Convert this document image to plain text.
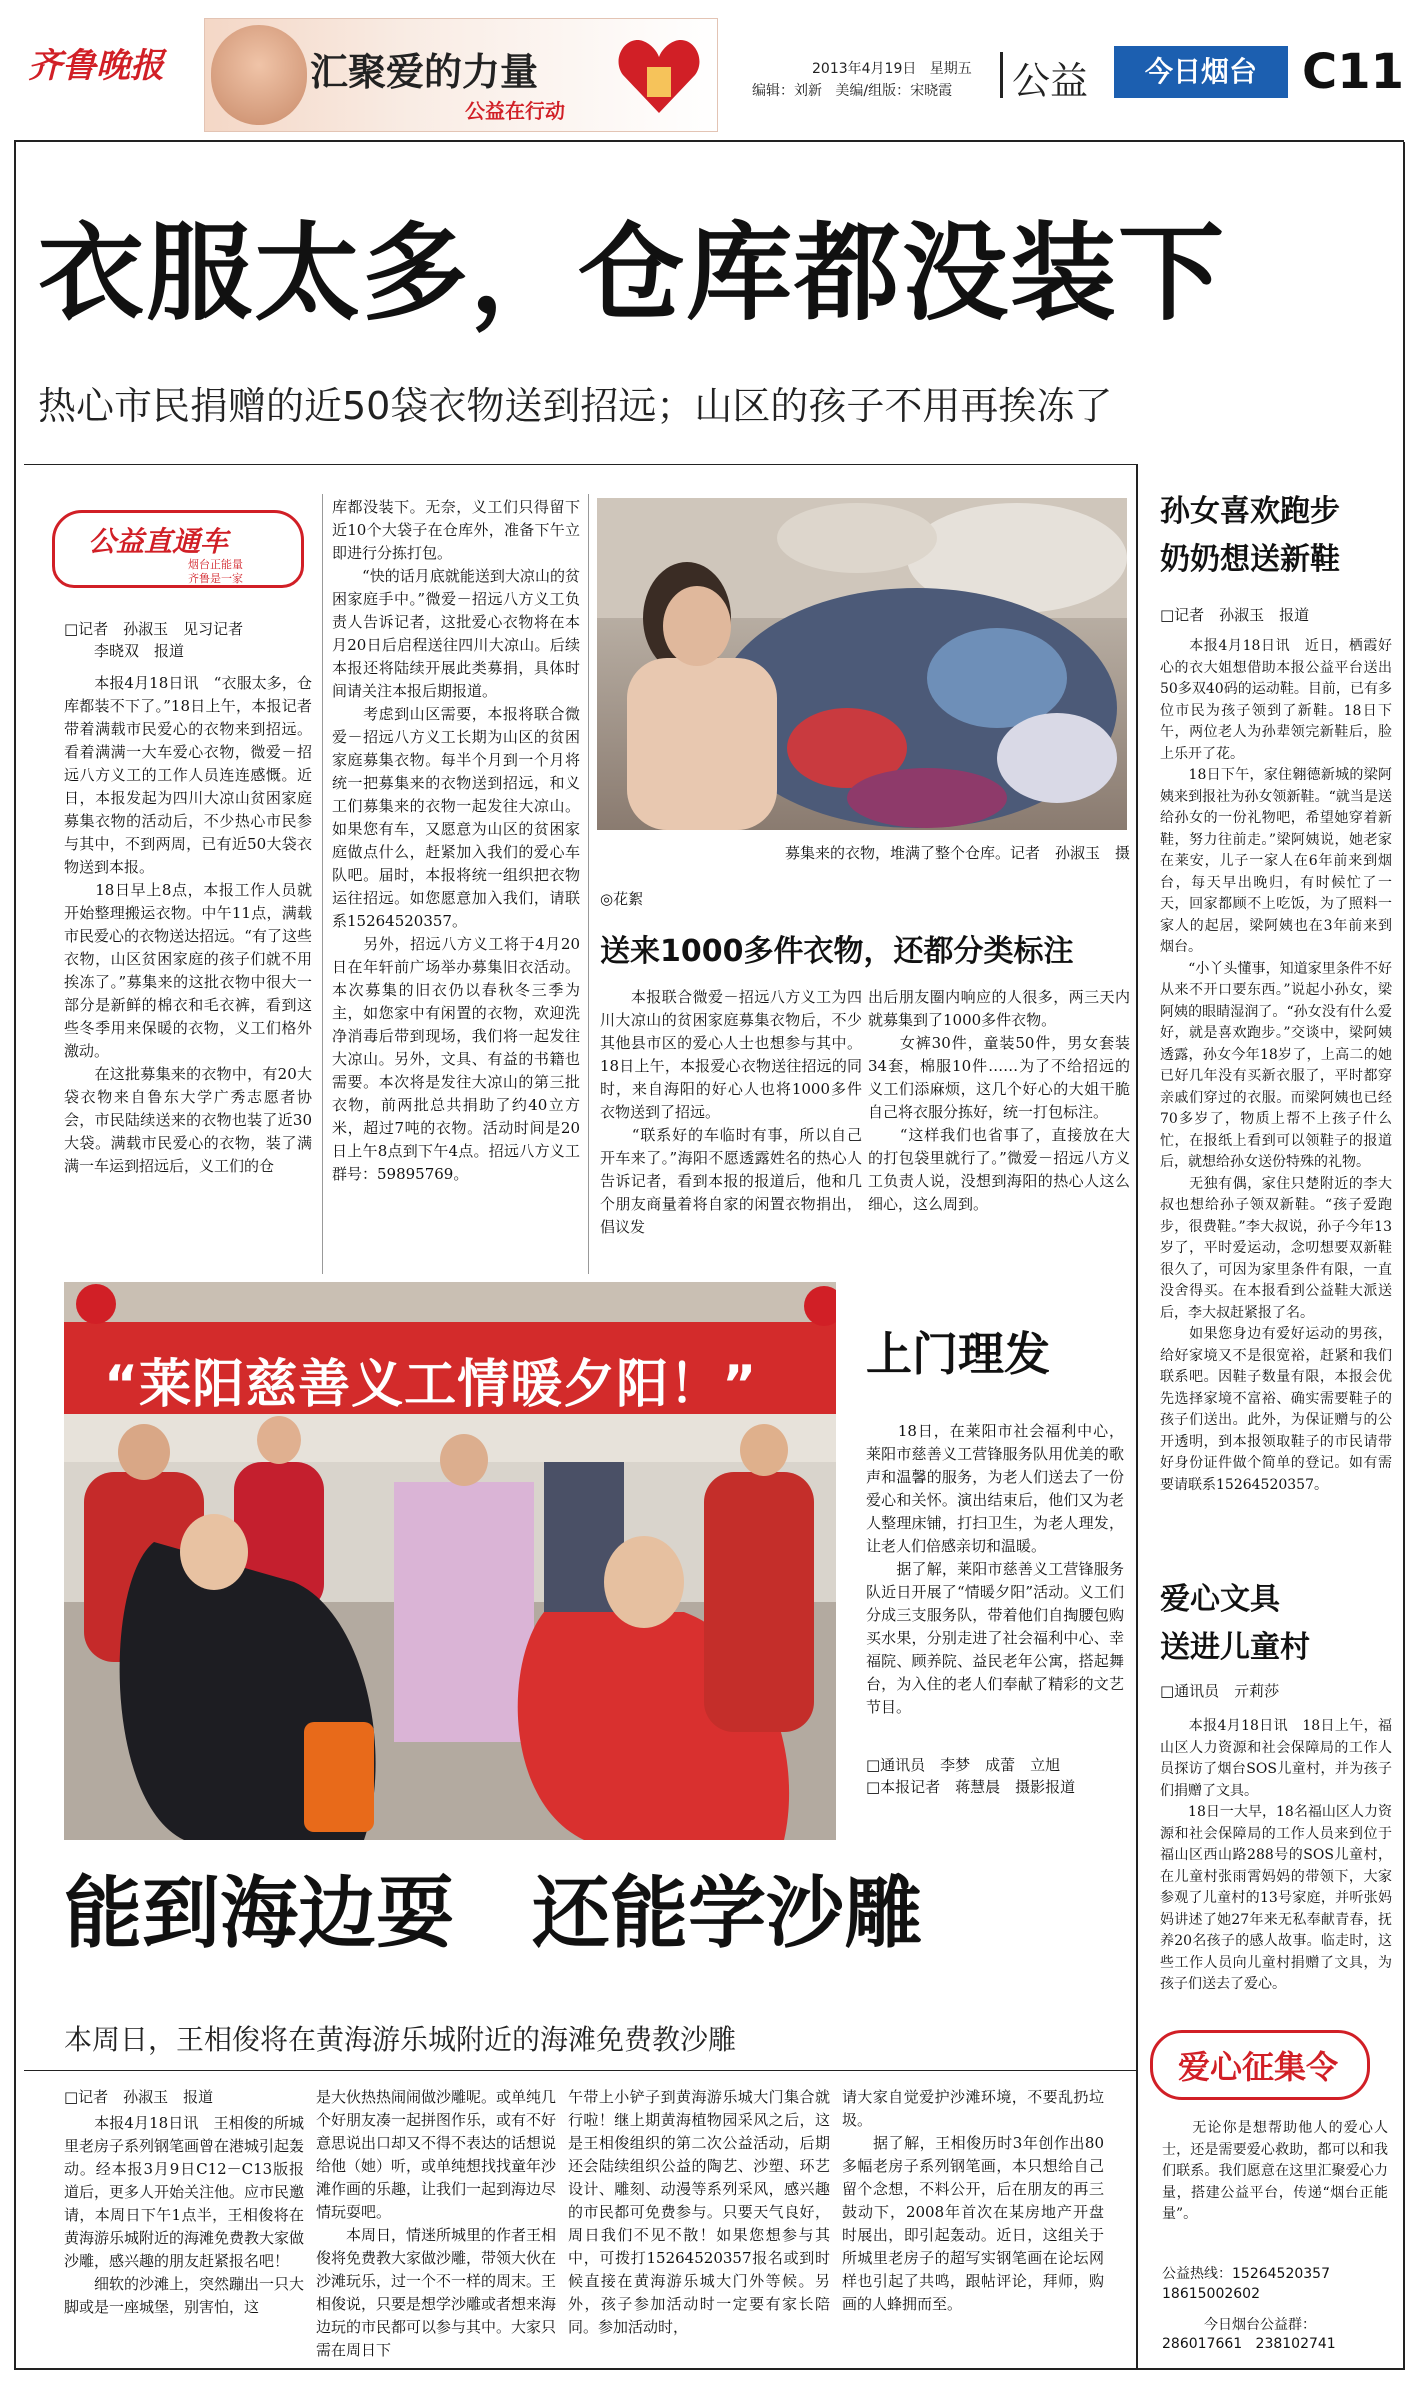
齐鲁晚报	汇聚爱的力量
公益在行动
2013年4月19日 星期五
编辑：刘新   美编/组版：宋晓霞 公益	今日烟台 C11
衣服太多，仓库都没装下
热心市民捐赠的近50袋衣物送到招远；山区的孩子不用再挨冻了
公益直通车
烟台正能量
齐鲁是一家
□记者　孙淑玉　见习记者
　　李晓双　报道
　　本报4月18日讯　“衣服太多，仓库都装不下了。”18日上午，本报记者带着满载市民爱心的衣物来到招远。看着满满一大车爱心衣物，微爱－招远八方义工的工作人员连连感慨。近日，本报发起为四川大凉山贫困家庭募集衣物的活动后，不少热心市民参与其中，不到两周，已有近50大袋衣物送到本报。
　　18日早上8点，本报工作人员就开始整理搬运衣物。中午11点，满载市民爱心的衣物送达招远。“有了这些衣物，山区贫困家庭的孩子们就不用挨冻了。”募集来的这批衣物中很大一部分是新鲜的棉衣和毛衣裤，看到这些冬季用来保暖的衣物，义工们格外激动。
　　在这批募集来的衣物中，有20大袋衣物来自鲁东大学广秀志愿者协会，市民陆续送来的衣物也装了近30大袋。满载市民爱心的衣物，装了满满一车运到招远后，义工们的仓
库都没装下。无奈，义工们只得留下近10个大袋子在仓库外，准备下午立即进行分拣打包。
　　“快的话月底就能送到大凉山的贫困家庭手中。”微爱－招远八方义工负责人告诉记者，这批爱心衣物将在本月20日后启程送往四川大凉山。后续本报还将陆续开展此类募捐，具体时间请关注本报后期报道。
　　考虑到山区需要，本报将联合微爱－招远八方义工长期为山区的贫困家庭募集衣物。每半个月到一个月将统一把募集来的衣物送到招远，和义工们募集来的衣物一起发往大凉山。如果您有车，又愿意为山区的贫困家庭做点什么，赶紧加入我们的爱心车队吧。届时，本报将统一组织把衣物运往招远。如您愿意加入我们，请联系15264520357。
　　另外，招远八方义工将于4月20日在年轩前广场举办募集旧衣活动。本次募集的旧衣仍以春秋冬三季为主，如您家中有闲置的衣物，欢迎洗净消毒后带到现场，我们将一起发往大凉山。另外，文具、有益的书籍也需要。本次将是发往大凉山的第三批衣物，前两批总共捐助了约40立方米，超过7吨的衣物。活动时间是20日上午8点到下午4点。招远八方义工群号：59895769。
募集来的衣物，堆满了整个仓库。记者　孙淑玉　摄
◎花絮
送来1000多件衣物，还都分类标注
　　本报联合微爱－招远八方义工为四川大凉山的贫困家庭募集衣物后，不少其他县市区的爱心人士也想参与其中。18日上午，本报爱心衣物送往招远的同时，来自海阳的好心人也将1000多件衣物送到了招远。
　　“联系好的车临时有事，所以自己开车来了。”海阳不愿透露姓名的热心人告诉记者，看到本报的报道后，他和几个朋友商量着将自家的闲置衣物捐出，倡议发
出后朋友圈内响应的人很多，两三天内就募集到了1000多件衣物。
　　女裤30件，童装50件，男女套装34套，棉服10件……为了不给招远的义工们添麻烦，这几个好心的大姐干脆自己将衣服分拣好，统一打包标注。
　　“这样我们也省事了，直接放在大的打包袋里就行了。”微爱－招远八方义工负责人说，没想到海阳的热心人这么细心，这么周到。
“莱阳慈善义工情暖夕阳！”
上门理发
　　18日，在莱阳市社会福利中心，莱阳市慈善义工营锋服务队用优美的歌声和温馨的服务，为老人们送去了一份爱心和关怀。演出结束后，他们又为老人整理床铺，打扫卫生，为老人理发，让老人们倍感亲切和温暖。
　　据了解，莱阳市慈善义工营锋服务队近日开展了“情暖夕阳”活动。义工们分成三支服务队，带着他们自掏腰包购买水果，分别走进了社会福利中心、幸福院、顾养院、益民老年公寓，搭起舞台，为入住的老人们奉献了精彩的文艺节目。
□通讯员　李梦　成蕾　立旭
□本报记者　蒋慧晨　摄影报道
能到海边耍　还能学沙雕
本周日，王相俊将在黄海游乐城附近的海滩免费教沙雕
□记者　孙淑玉　报道
　　本报4月18日讯　王相俊的所城里老房子系列钢笔画曾在港城引起轰动。经本报3月9日C12－C13版报道后，更多人开始关注他。应市民邀请，本周日下午1点半，王相俊将在黄海游乐城附近的海滩免费教大家做沙雕，感兴趣的朋友赶紧报名吧！
　　细软的沙滩上，突然蹦出一只大脚或是一座城堡，别害怕，这
是大伙热热闹闹做沙雕呢。或单纯几个好朋友凑一起拼图作乐，或有不好意思说出口却又不得不表达的话想说给他（她）听，或单纯想找找童年沙滩作画的乐趣，让我们一起到海边尽情玩耍吧。
　　本周日，情迷所城里的作者王相俊将免费教大家做沙雕，带领大伙在沙滩玩乐，过一个不一样的周末。王相俊说，只要是想学沙雕或者想来海边玩的市民都可以参与其中。大家只需在周日下
午带上小铲子到黄海游乐城大门集合就行啦！继上期黄海植物园采风之后，这是王相俊组织的第二次公益活动，后期还会陆续组织公益的陶艺、沙塑、环艺设计、雕刻、动漫等系列采风，感兴趣的市民都可免费参与。只要天气良好，周日我们不见不散！如果您想参与其中，可拨打15264520357报名或到时候直接在黄海游乐城大门外等候。另外，孩子参加活动时一定要有家长陪同。参加活动时，
请大家自觉爱护沙滩环境，不要乱扔垃圾。
　　据了解，王相俊历时3年创作出80多幅老房子系列钢笔画，本只想给自己留个念想，不料公开，后在朋友的再三鼓动下，2008年首次在某房地产开盘时展出，即引起轰动。近日，这组关于所城里老房子的超写实钢笔画在论坛网样也引起了共鸣，跟帖评论，拜师，购画的人蜂拥而至。
孙女喜欢跑步
奶奶想送新鞋
□记者　孙淑玉　报道
　　本报4月18日讯　近日，栖霞好心的衣大姐想借助本报公益平台送出50多双40码的运动鞋。目前，已有多位市民为孩子领到了新鞋。18日下午，两位老人为孙辈领完新鞋后，脸上乐开了花。
　　18日下午，家住翱德新城的梁阿姨来到报社为孙女领新鞋。“就当是送给孙女的一份礼物吧，希望她穿着新鞋，努力往前走。”梁阿姨说，她老家在莱安，儿子一家人在6年前来到烟台，每天早出晚归，有时候忙了一天，回家都顾不上吃饭，为了照料一家人的起居，梁阿姨也在3年前来到烟台。
　　“小丫头懂事，知道家里条件不好从来不开口要东西。”说起小孙女，梁阿姨的眼睛湿润了。“孙女没有什么爱好，就是喜欢跑步。”交谈中，梁阿姨透露，孙女今年18岁了，上高二的她已好几年没有买新衣服了，平时都穿亲戚们穿过的衣服。而梁阿姨也已经70多岁了，物质上帮不上孩子什么忙，在报纸上看到可以领鞋子的报道后，就想给孙女送份特殊的礼物。
　　无独有偶，家住只楚附近的李大叔也想给孙子领双新鞋。“孩子爱跑步，很费鞋。”李大叔说，孙子今年13岁了，平时爱运动，念叨想要双新鞋很久了，可因为家里条件有限，一直没舍得买。在本报看到公益鞋大派送后，李大叔赶紧报了名。
　　如果您身边有爱好运动的男孩，给好家境又不是很宽裕，赶紧和我们联系吧。因鞋子数量有限，本报会优先选择家境不富裕、确实需要鞋子的孩子们送出。此外，为保证赠与的公开透明，到本报领取鞋子的市民请带好身份证件做个简单的登记。如有需要请联系15264520357。
爱心文具
送进儿童村
□通讯员　亓莉莎
　　本报4月18日讯　18日上午，福山区人力资源和社会保障局的工作人员探访了烟台SOS儿童村，并为孩子们捐赠了文具。
　　18日一大早，18名福山区人力资源和社会保障局的工作人员来到位于福山区西山路288号的SOS儿童村，在儿童村张雨霄妈妈的带领下，大家参观了儿童村的13号家庭，并听张妈妈讲述了她27年来无私奉献青春，抚养20名孩子的感人故事。临走时，这些工作人员向儿童村捐赠了文具，为孩子们送去了爱心。
爱心征集令
　　无论你是想帮助他人的爱心人士，还是需要爱心救助，都可以和我们联系。我们愿意在这里汇聚爱心力量，搭建公益平台，传递“烟台正能量”。
公益热线：15264520357
18615002602
今日烟台公益群：
286017661 238102741
